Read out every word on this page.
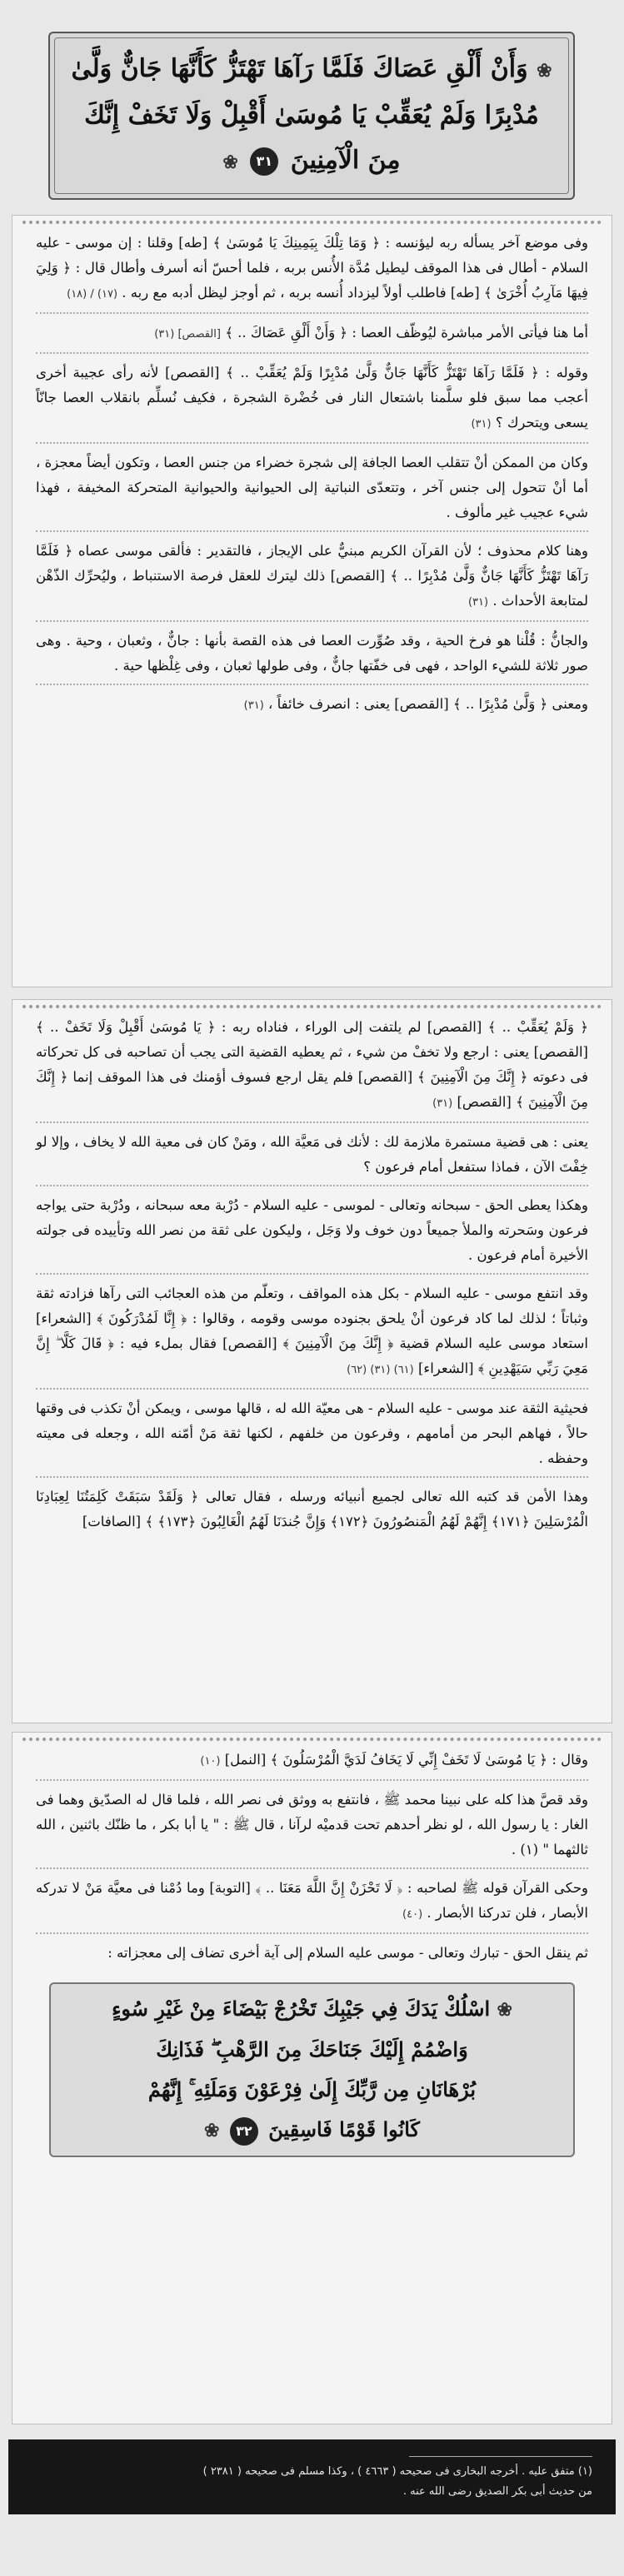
❀ وَأَنْ أَلْقِ عَصَاكَ فَلَمَّا رَآهَا تَهْتَزُّ كَأَنَّهَا جَانٌّ وَلَّىٰ
مُدْبِرًا وَلَمْ يُعَقِّبْ يَا مُوسَىٰ أَقْبِلْ وَلَا تَخَفْ إِنَّكَ
مِنَ الْآمِنِينَ ٣١ ❀

وفى موضع آخر يسأله ربه ليؤنسه : ﴿ وَمَا تِلْكَ بِيَمِينِكَ يَا مُوسَىٰ ﴾ [طه] وقلنا : إن موسى - عليه السلام - أطال فى هذا الموقف ليطيل مُدَّة الأُنس بربه ، فلما أحسّ أنه أسرف وأطال قال : ﴿ وَلِيَ فِيهَا مَآرِبُ أُخْرَىٰ ﴾ [طه] فاطلب أولاً ليزداد أُنسه بربه ، ثم أوجز ليظل أدبه مع ربه . (١٧) / (١٨)

أما هنا فيأتى الأمر مباشرة ليُوظّف العصا : ﴿ وَأَنْ أَلْقِ عَصَاكَ .. ﴾ [القصص] (٣١)

وقوله : ﴿ فَلَمَّا رَآهَا تَهْتَزُّ كَأَنَّهَا جَانٌّ وَلَّىٰ مُدْبِرًا وَلَمْ يُعَقِّبْ .. ﴾ [القصص] لأنه رأى عجيبة أخرى أعجب مما سبق فلو سلَّمنا باشتعال النار فى خُضْرة الشجرة ، فكيف نُسلِّم بانقلاب العصا جانّاً يسعى ويتحرك ؟ (٣١)

وكان من الممكن أنْ تتقلب العصا الجافة إلى شجرة خضراء من جنس العصا ، وتكون أيضاً معجزة ، أما أنْ تتحول إلى جنس آخر ، وتتعدّى النباتية إلى الحيوانية والحيوانية المتحركة المخيفة ، فهذا شيء عجيب غير مألوف .

وهنا كلام محذوف ؛ لأن القرآن الكريم مبنيٌّ على الإيجاز ، فالتقدير : فألقى موسى عصاه ﴿ فَلَمَّا رَآهَا تَهْتَزُّ كَأَنَّهَا جَانٌّ وَلَّىٰ مُدْبِرًا .. ﴾ [القصص] ذلك ليترك للعقل فرصة الاستنباط ، وليُحرِّك الذّهْن لمتابعة الأحداث . (٣١)

والجانُّ : قُلْنا هو فرخ الحية ، وقد صُوِّرت العصا فى هذه القصة بأنها : جانٌّ ، وثعبان ، وحية . وهى صور ثلاثة للشيء الواحد ، فهى فى خفّتها جانٌّ ، وفى طولها ثعبان ، وفى غِلْظها حية .

ومعنى ﴿ وَلَّىٰ مُدْبِرًا .. ﴾ [القصص] يعنى : انصرف خائفاً ، (٣١)

﴿ وَلَمْ يُعَقِّبْ .. ﴾ [القصص] لم يلتفت إلى الوراء ، فناداه ربه : ﴿ يَا مُوسَىٰ أَقْبِلْ وَلَا تَخَفْ .. ﴾ [القصص] يعنى : ارجع ولا تخفْ من شيء ، ثم يعطيه القضية التى يجب أن تصاحبه فى كل تحركاته فى دعوته ﴿ إِنَّكَ مِنَ الْآمِنِينَ ﴾ [القصص] فلم يقل ارجع فسوف أؤمنك فى هذا الموقف إنما ﴿ إِنَّكَ مِنَ الْآمِنِينَ ﴾ [القصص] (٣١)

يعنى : هى قضية مستمرة ملازمة لك : لأنك فى مَعيَّة الله ، ومَنْ كان فى معية الله لا يخاف ، وإلا لو خِفْتَ الآن ، فماذا ستفعل أمام فرعون ؟

وهكذا يعطى الحق - سبحانه وتعالى - لموسى - عليه السلام - دُرْبة معه سبحانه ، ودُرْبة حتى يواجه فرعون وسَحرته والملأ جميعاً دون خوف ولا وَجَل ، وليكون على ثقة من نصر الله وتأييده فى جولته الأخيرة أمام فرعون .

وقد انتفع موسى - عليه السلام - بكل هذه المواقف ، وتعلّم من هذه العجائب التى رآها فزادته ثقة وثباتاً ؛ لذلك لما كاد فرعون أنْ يلحق بجنوده موسى وقومه ، وقالوا : ﴿ إِنَّا لَمُدْرَكُونَ ﴾ [الشعراء] استعاد موسى عليه السلام قضية ﴿ إِنَّكَ مِنَ الْآمِنِينَ ﴾ [القصص] فقال بملء فيه : ﴿ قَالَ كَلَّا ۖ إِنَّ مَعِيَ رَبِّي سَيَهْدِينِ ﴾ [الشعراء] (٦١) (٣١) (٦٢)

فحيثية الثقة عند موسى - عليه السلام - هى معيّة الله له ، قالها موسى ، ويمكن أنْ تكذب فى وقتها حالاً ، فهاهم البحر من أمامهم ، وفرعون من خلفهم ، لكنها ثقة مَنْ أمّنه الله ، وجعله فى معيته وحفظه .

وهذا الأمن قد كتبه الله تعالى لجميع أنبيائه ورسله ، فقال تعالى ﴿ وَلَقَدْ سَبَقَتْ كَلِمَتُنَا لِعِبَادِنَا الْمُرْسَلِينَ ﴿١٧١﴾ إِنَّهُمْ لَهُمُ الْمَنصُورُونَ ﴿١٧٢﴾ وَإِنَّ جُندَنَا لَهُمُ الْغَالِبُونَ ﴿١٧٣﴾ ﴾ [الصافات]

وقال : ﴿ يَا مُوسَىٰ لَا تَخَفْ إِنِّي لَا يَخَافُ لَدَيَّ الْمُرْسَلُونَ ﴾ [النمل] (١٠)

وقد قصَّ هذا كله على نبينا محمد ﷺ ، فانتفع به ووثق فى نصر الله ، فلما قال له الصدّيق وهما فى الغار : يا رسول الله ، لو نظر أحدهم تحت قدميْه لرآنا ، قال ﷺ : " يا أبا بكر ، ما ظنّك باثنين ، الله ثالثهما " (١) .

وحكى القرآن قوله ﷺ لصاحبه : ﴿ لَا تَحْزَنْ إِنَّ اللَّهَ مَعَنَا .. ﴾ [التوبة] وما دُمْنا فى معيَّة مَنْ لا تدركه الأبصار ، فلن تدركنا الأبصار . (٤٠)

ثم ينقل الحق - تبارك وتعالى - موسى عليه السلام إلى آية أخرى تضاف إلى معجزاته :

❀ اسْلُكْ يَدَكَ فِي جَيْبِكَ تَخْرُجْ بَيْضَاءَ مِنْ غَيْرِ سُوءٍ
وَاضْمُمْ إِلَيْكَ جَنَاحَكَ مِنَ الرَّهْبِ ۖ فَذَانِكَ
بُرْهَانَانِ مِن رَّبِّكَ إِلَىٰ فِرْعَوْنَ وَمَلَئِهِ ۚ إِنَّهُمْ
كَانُوا قَوْمًا فَاسِقِينَ ٣٢ ❀
(١) متفق عليه . أخرجه البخارى فى صحيحه ( ٤٦٦٣ ) ، وكذا مسلم فى صحيحه ( ٢٣٨١ )
من حديث أبى بكر الصديق رضى الله عنه .
